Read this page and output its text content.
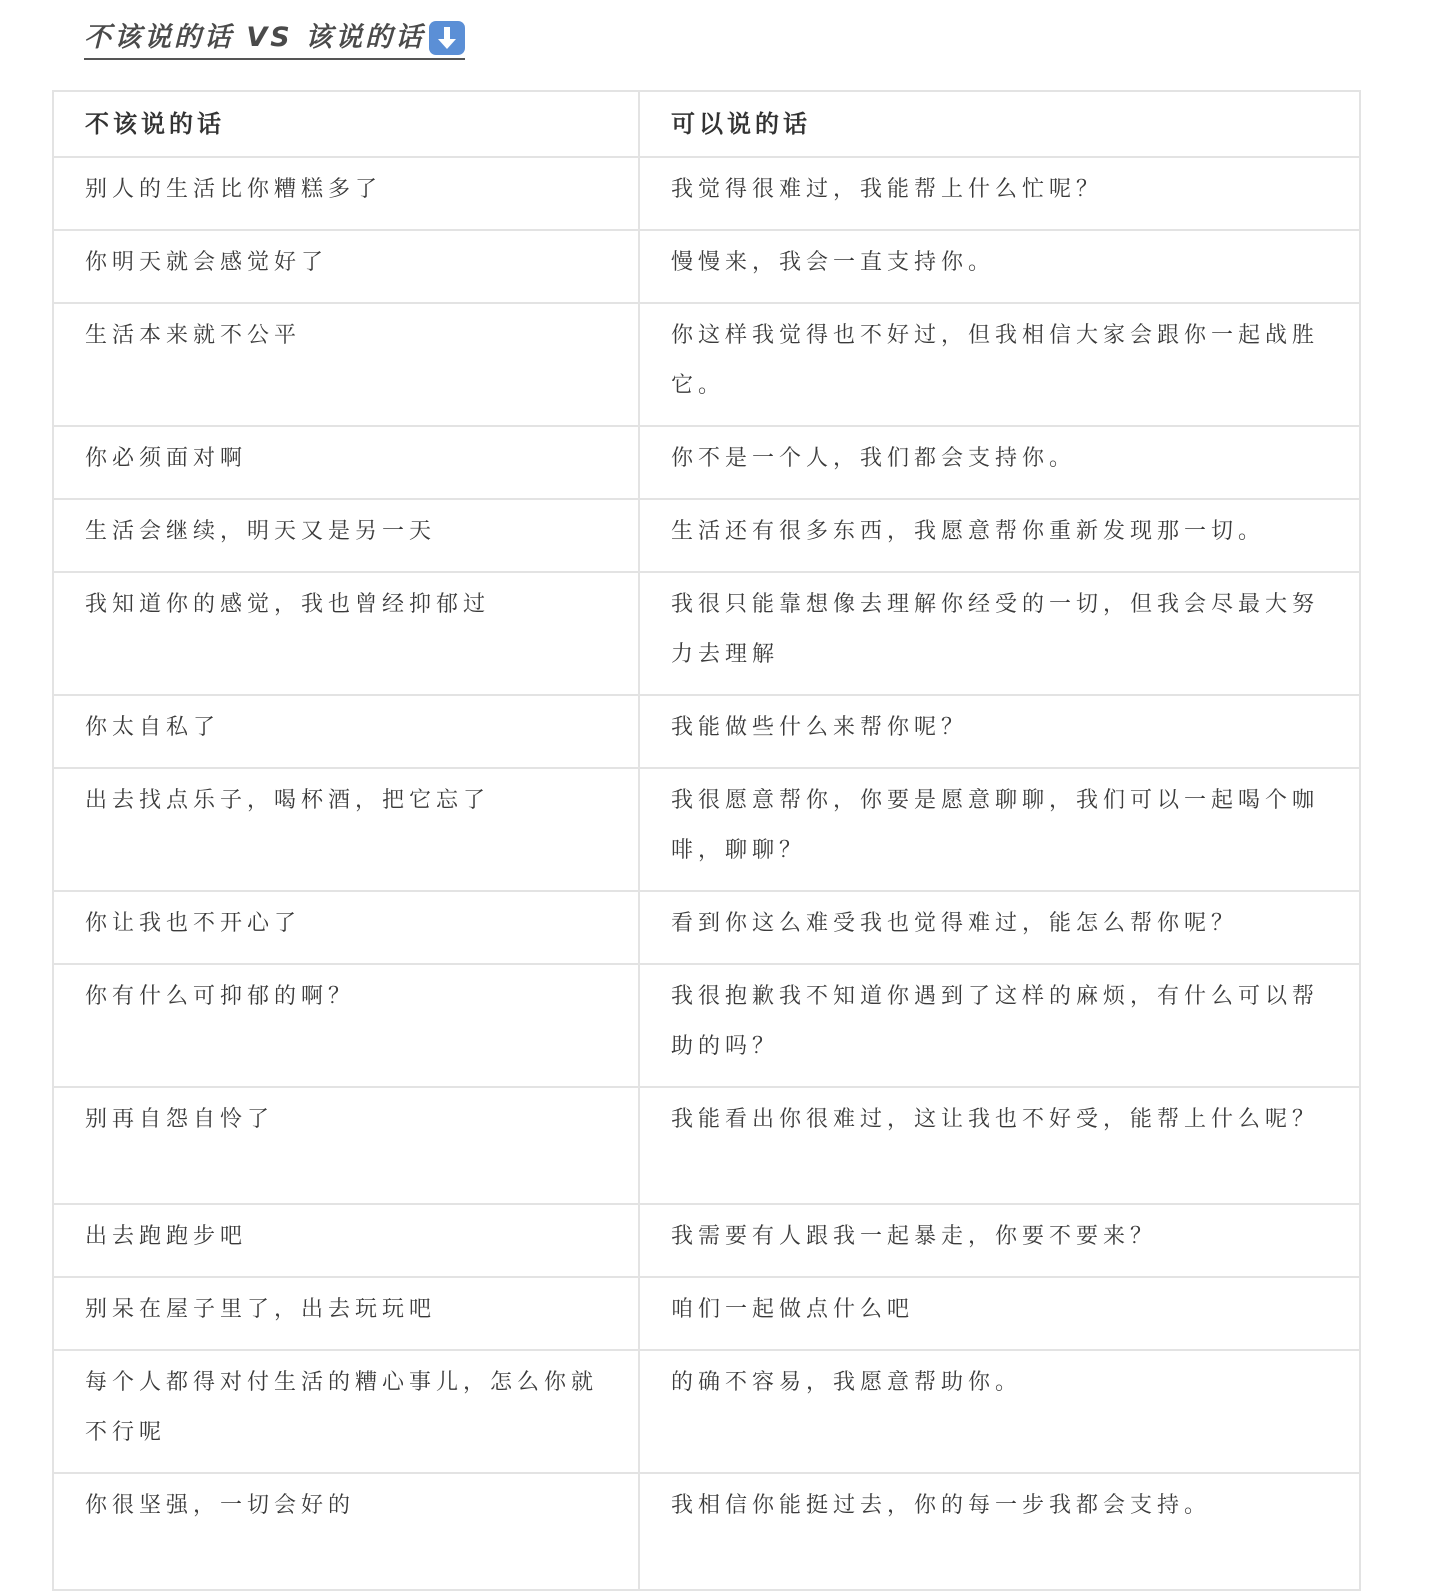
不该说的话 VS 该说的话
不该说的话	可以说的话

别人的生活比你糟糕多了	我觉得很难过，我能帮上什么忙呢？

你明天就会感觉好了	慢慢来，我会一直支持你。

生活本来就不公平	你这样我觉得也不好过，但我相信大家会跟你一起战胜它。

你必须面对啊	你不是一个人，我们都会支持你。

生活会继续，明天又是另一天	生活还有很多东西，我愿意帮你重新发现那一切。

我知道你的感觉，我也曾经抑郁过	我很只能靠想像去理解你经受的一切，但我会尽最大努力去理解

你太自私了	我能做些什么来帮你呢？

出去找点乐子，喝杯酒，把它忘了	我很愿意帮你，你要是愿意聊聊，我们可以一起喝个咖啡，聊聊？

你让我也不开心了	看到你这么难受我也觉得难过，能怎么帮你呢？

你有什么可抑郁的啊？	我很抱歉我不知道你遇到了这样的麻烦，有什么可以帮助的吗？

别再自怨自怜了	我能看出你很难过，这让我也不好受，能帮上什么呢？

出去跑跑步吧	我需要有人跟我一起暴走，你要不要来？

别呆在屋子里了，出去玩玩吧	咱们一起做点什么吧

每个人都得对付生活的糟心事儿，怎么你就不行呢	的确不容易，我愿意帮助你。

你很坚强，一切会好的	我相信你能挺过去，你的每一步我都会支持。
